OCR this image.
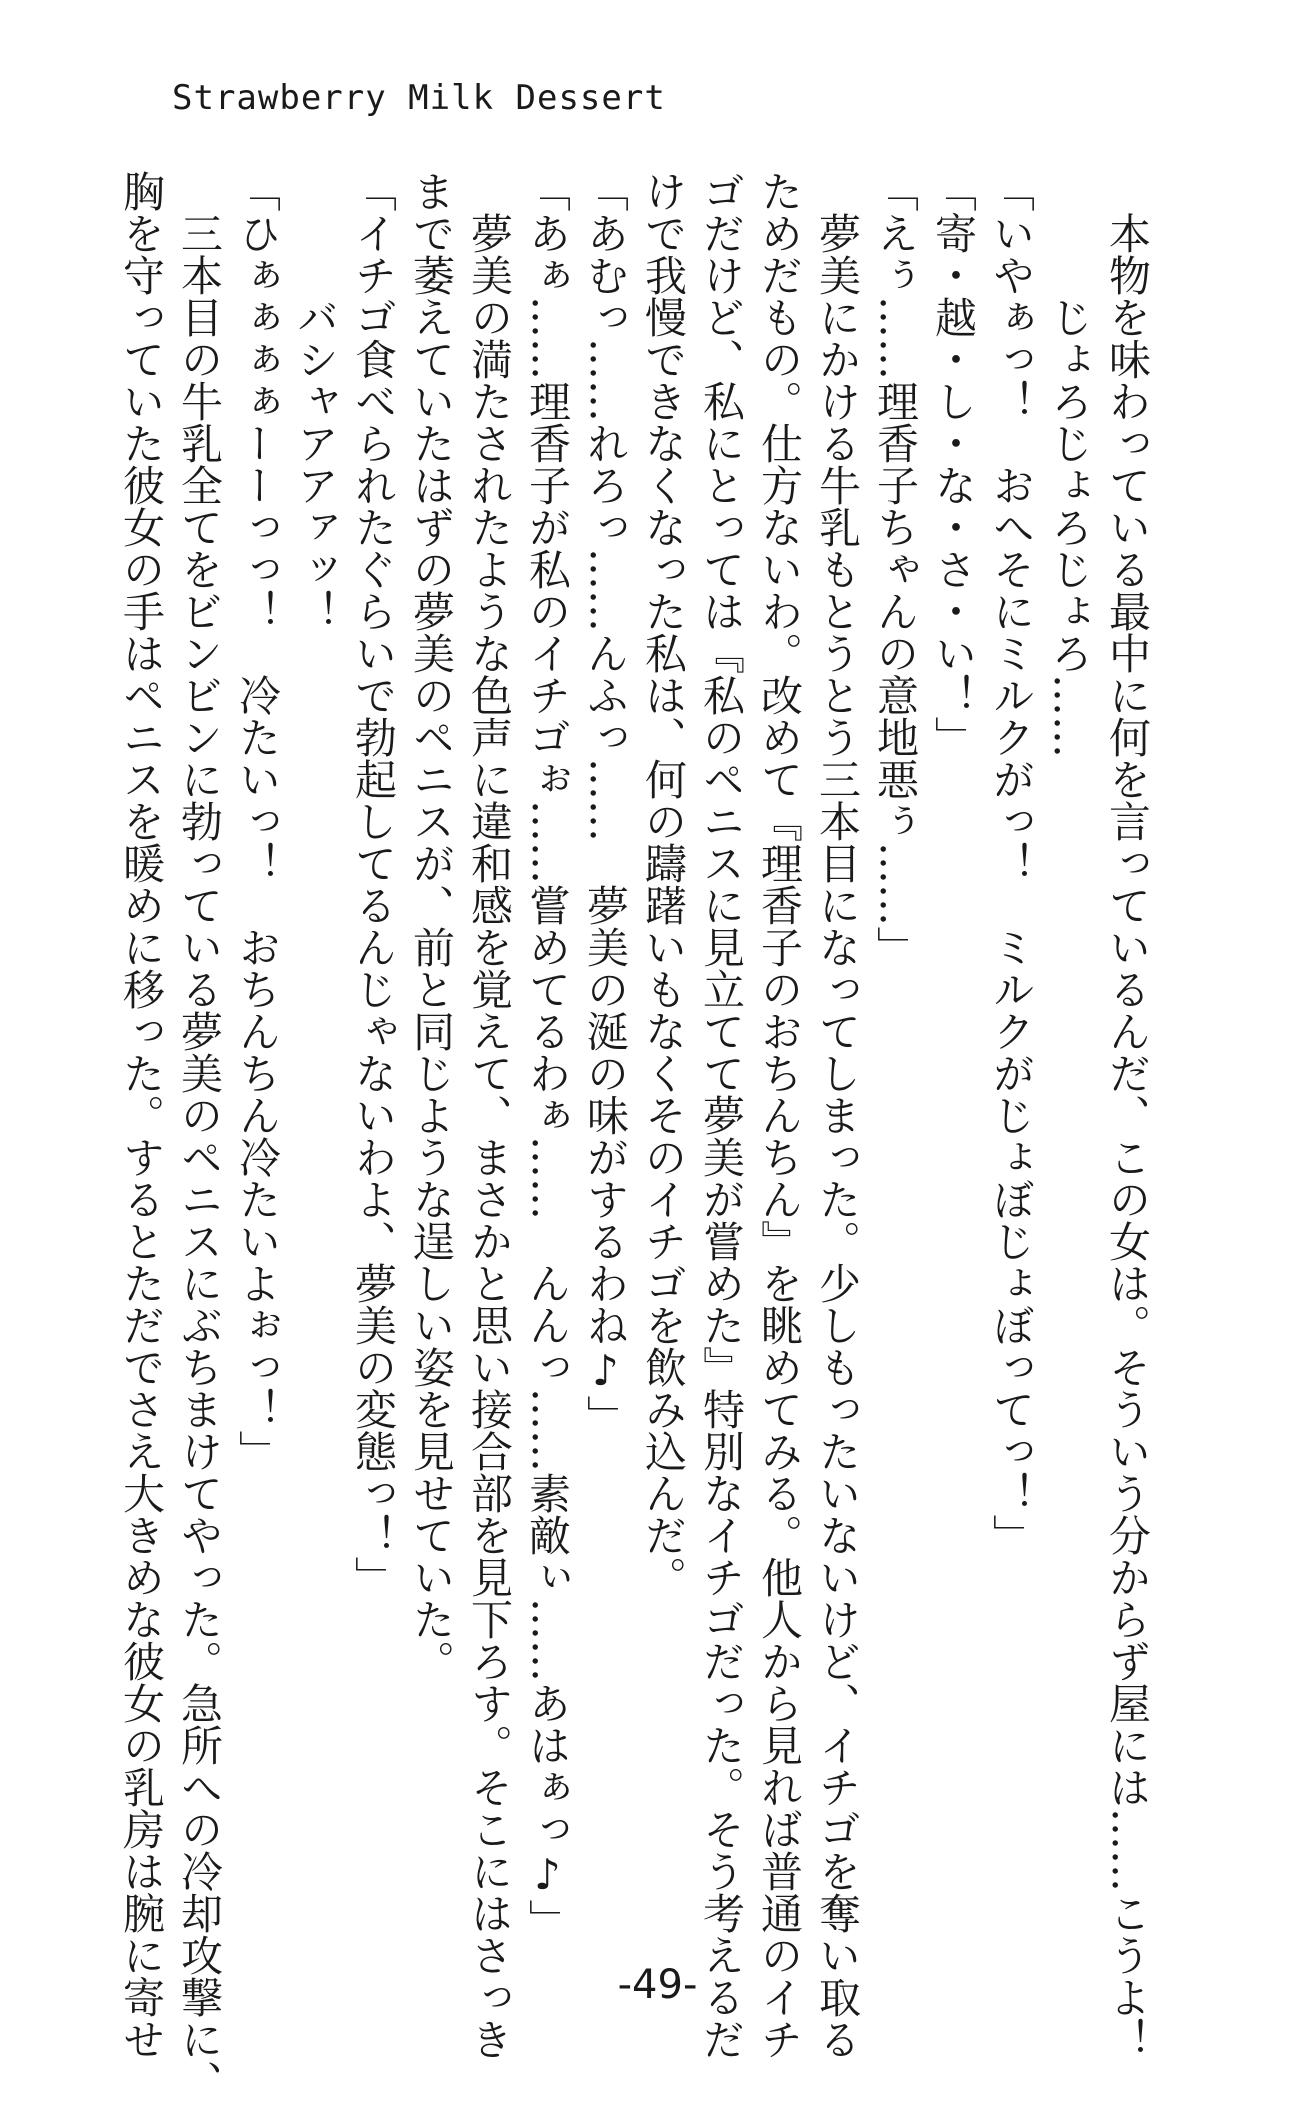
Strawberry Milk Dessert

本物を味わっている最中に何を言っているんだ、この女は。そういう分からず屋には……こうよ！

じょろじょろじょろ……

「いやぁっ！　おへそにミルクがっ！　ミルクがじょぼじょぼってっ！」

「寄・越・し・な・さ・い！」

「えぅ……理香子ちゃんの意地悪ぅ……」

夢美にかける牛乳もとうとう三本目になってしまった。少しもったいないけど、イチゴを奪い取る

ためだもの。仕方ないわ。改めて『理香子のおちんちん』を眺めてみる。他人から見れば普通のイチ

ゴだけど、私にとっては『私のペニスに見立てて夢美が嘗めた』特別なイチゴだった。そう考えるだ

けで我慢できなくなった私は、何の躊躇いもなくそのイチゴを飲み込んだ。

「あむっ……れろっ……んふっ……　夢美の涎の味がするわね♪」

「あぁ……理香子が私のイチゴぉ……嘗めてるわぁ……　んんっ……素敵ぃ……あはぁっ♪」

夢美の満たされたような色声に違和感を覚えて、まさかと思い接合部を見下ろす。そこにはさっき

まで萎えていたはずの夢美のペニスが、前と同じような逞しい姿を見せていた。

「イチゴ食べられたぐらいで勃起してるんじゃないわよ、夢美の変態っ！」

バシャアアァッ！

「ひぁぁぁぁーーっっ！　冷たいっ！　おちんちん冷たいよぉっ！」

三本目の牛乳全てをビンビンに勃っている夢美のペニスにぶちまけてやった。急所への冷却攻撃に、

胸を守っていた彼女の手はペニスを暖めに移った。するとただでさえ大きめな彼女の乳房は腕に寄せ	-49-
